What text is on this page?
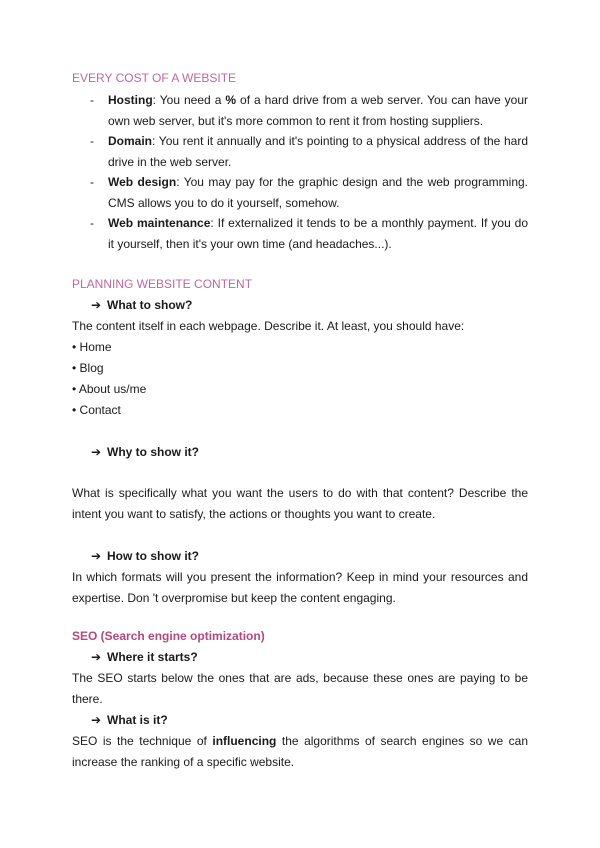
EVERY COST OF A WEBSITE
- Hosting: You need a % of a hard drive from a web server. You can have your own web server, but it's more common to rent it from hosting suppliers.
- Domain: You rent it annually and it's pointing to a physical address of the hard drive in the web server.
- Web design: You may pay for the graphic design and the web programming. CMS allows you to do it yourself, somehow.
- Web maintenance: If externalized it tends to be a monthly payment. If you do it yourself, then it's your own time (and headaches...).
PLANNING WEBSITE CONTENT
➔ What to show?

The content itself in each webpage. Describe it. At least, you should have:

• Home
• Blog
• About us/me
• Contact
➔ Why to show it?

What is specifically what you want the users to do with that content? Describe the intent you want to satisfy, the actions or thoughts you want to create.

➔ How to show it?

In which formats will you present the information? Keep in mind your resources and expertise. Don 't overpromise but keep the content engaging.

SEO (Search engine optimization)
➔ Where it starts?

The SEO starts below the ones that are ads, because these ones are paying to be there.

➔ What is it?

SEO is the technique of influencing the algorithms of search engines so we can increase the ranking of a specific website.
